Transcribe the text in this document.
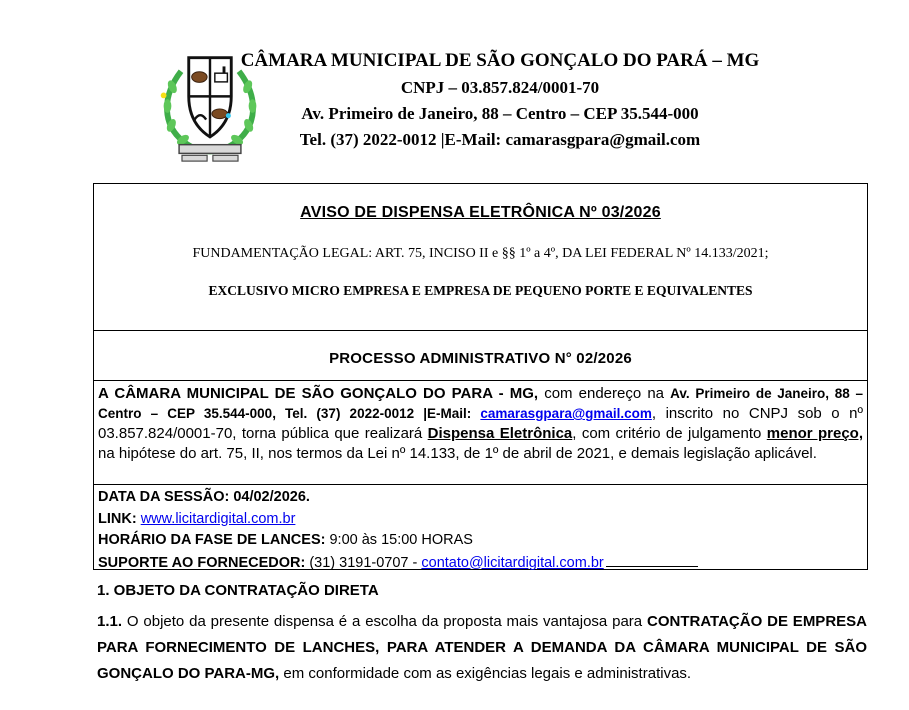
CÂMARA MUNICIPAL DE SÃO GONÇALO DO PARÁ – MG
CNPJ – 03.857.824/0001-70
Av. Primeiro de Janeiro, 88 – Centro – CEP 35.544-000
Tel. (37) 2022-0012 |E-Mail: camarasgpara@gmail.com
AVISO DE DISPENSA ELETRÔNICA Nº 03/2026
FUNDAMENTAÇÃO LEGAL: ART. 75, INCISO II e §§ 1º a 4º, DA LEI FEDERAL Nº 14.133/2021;
EXCLUSIVO MICRO EMPRESA E EMPRESA DE PEQUENO PORTE E EQUIVALENTES
PROCESSO ADMINISTRATIVO N° 02/2026
A CÂMARA MUNICIPAL DE SÃO GONÇALO DO PARA - MG, com endereço na Av. Primeiro de Janeiro, 88 – Centro – CEP 35.544-000, Tel. (37) 2022-0012 |E-Mail: camarasgpara@gmail.com, inscrito no CNPJ sob o nº 03.857.824/0001-70, torna pública que realizará Dispensa Eletrônica, com critério de julgamento menor preço, na hipótese do art. 75, II, nos termos da Lei nº 14.133, de 1º de abril de 2021, e demais legislação aplicável.
DATA DA SESSÃO: 04/02/2026.
LINK: www.licitardigital.com.br
HORÁRIO DA FASE DE LANCES: 9:00 às 15:00 HORAS
SUPORTE AO FORNECEDOR: (31) 3191-0707 - contato@licitardigital.com.br
1. OBJETO DA CONTRATAÇÃO DIRETA
1.1. O objeto da presente dispensa é a escolha da proposta mais vantajosa para CONTRATAÇÃO DE EMPRESA PARA FORNECIMENTO DE LANCHES, PARA ATENDER A DEMANDA DA CÂMARA MUNICIPAL DE SÃO GONÇALO DO PARA-MG, em conformidade com as exigências legais e administrativas.
